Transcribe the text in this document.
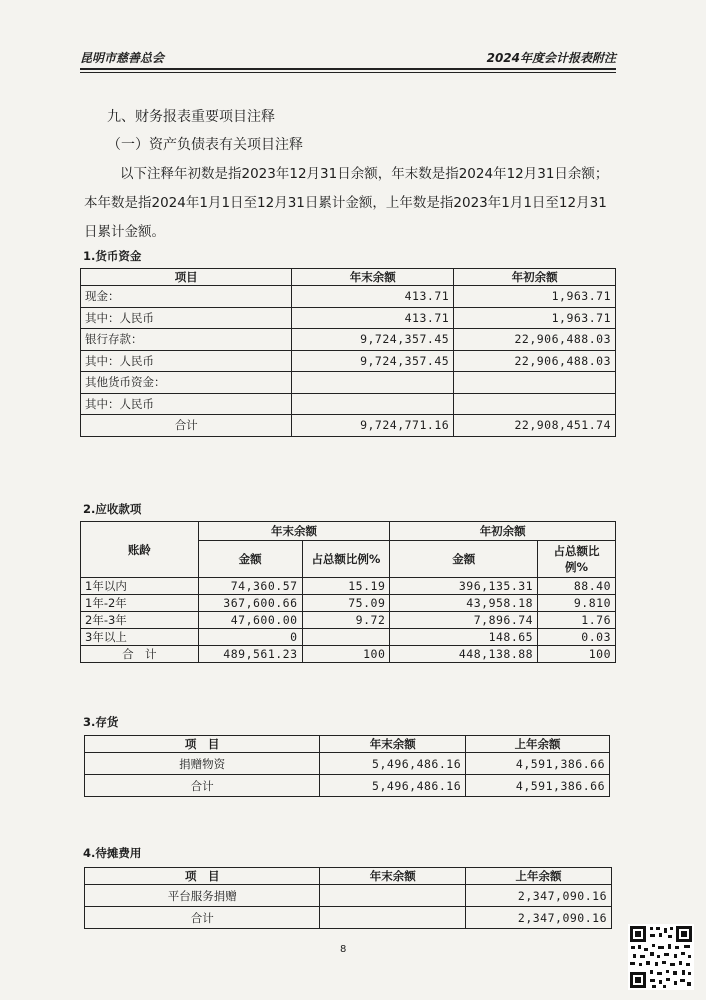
昆明市慈善总会	2024年度会计报表附注
九、财务报表重要项目注释
（一）资产负债表有关项目注释
以下注释年初数是指2023年12月31日余额，年末数是指2024年12月31日余额；本年数是指2024年1月1日至12月31日累计金额，上年数是指2023年1月1日至12月31日累计金额。
1.货币资金
项目	年末余额	年初余额
现金：	413.71	1,963.71
其中：人民币	413.71	1,963.71
银行存款：	9,724,357.45	22,906,488.03
其中：人民币	9,724,357.45	22,906,488.03
其他货币资金：		
其中：人民币		
合计	9,724,771.16	22,908,451.74
2.应收款项
账龄	年末余额		年初余额	
	金额	占总额比例%	金额	占总额比例%
1年以内	74,360.57	15.19	396,135.31	88.40
1年-2年	367,600.66	75.09	43,958.18	9.810
2年-3年	47,600.00	9.72	7,896.74	1.76
3年以上	0		148.65	0.03
合　计	489,561.23	100	448,138.88	100
3.存货
项　目	年末余额	上年余额
捐赠物资	5,496,486.16	4,591,386.66
合计	5,496,486.16	4,591,386.66
4.待摊费用
项　目	年末余额	上年余额
平台服务捐赠		2,347,090.16
合计		2,347,090.16
8
